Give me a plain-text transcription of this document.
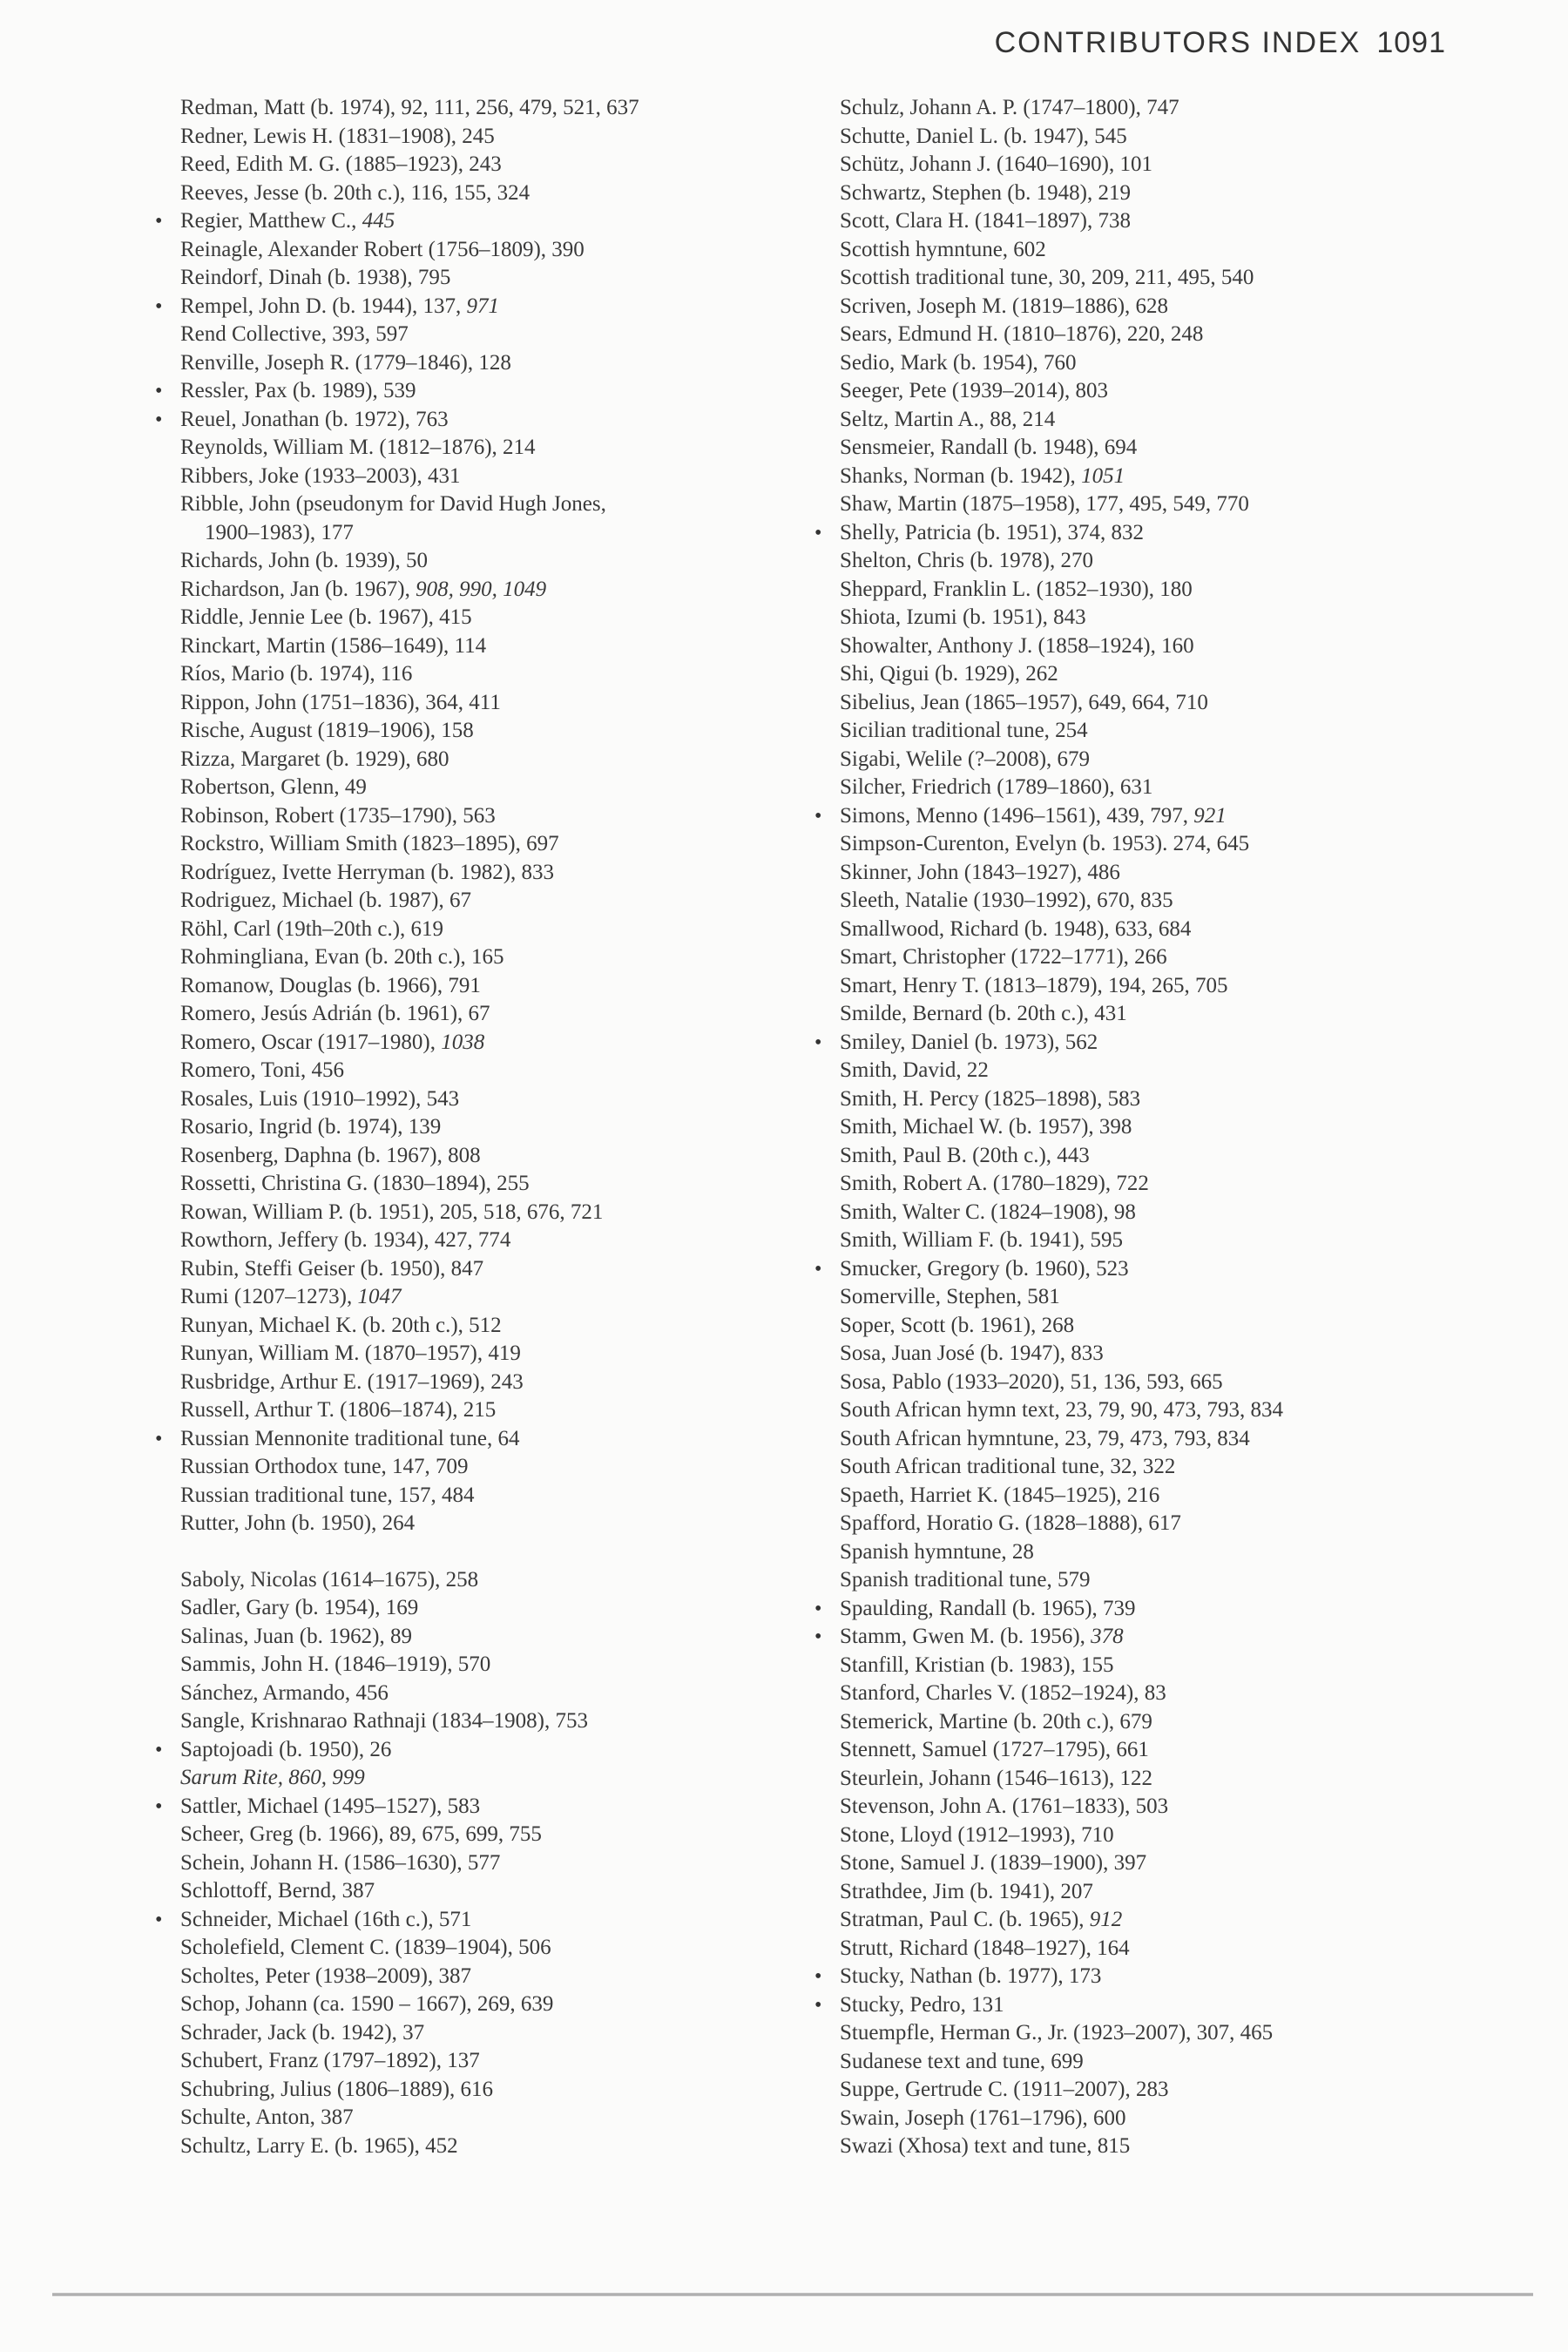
CONTRIBUTORS INDEX 1091
Redman, Matt (b. 1974), 92, 111, 256, 479, 521, 637
Redner, Lewis H. (1831–1908), 245
Reed, Edith M. G. (1885–1923), 243
Reeves, Jesse (b. 20th c.), 116, 155, 324
• Regier, Matthew C., 445
Reinagle, Alexander Robert (1756–1809), 390
Reindorf, Dinah (b. 1938), 795
• Rempel, John D. (b. 1944), 137, 971
Rend Collective, 393, 597
Renville, Joseph R. (1779–1846), 128
• Ressler, Pax (b. 1989), 539
• Reuel, Jonathan (b. 1972), 763
Reynolds, William M. (1812–1876), 214
Ribbers, Joke (1933–2003), 431
Ribble, John (pseudonym for David Hugh Jones,
1900–1983), 177
Richards, John (b. 1939), 50
Richardson, Jan (b. 1967), 908, 990, 1049
Riddle, Jennie Lee (b. 1967), 415
Rinckart, Martin (1586–1649), 114
Ríos, Mario (b. 1974), 116
Rippon, John (1751–1836), 364, 411
Rische, August (1819–1906), 158
Rizza, Margaret (b. 1929), 680
Robertson, Glenn, 49
Robinson, Robert (1735–1790), 563
Rockstro, William Smith (1823–1895), 697
Rodríguez, Ivette Herryman (b. 1982), 833
Rodriguez, Michael (b. 1987), 67
Röhl, Carl (19th–20th c.), 619
Rohmingliana, Evan (b. 20th c.), 165
Romanow, Douglas (b. 1966), 791
Romero, Jesús Adrián (b. 1961), 67
Romero, Oscar (1917–1980), 1038
Romero, Toni, 456
Rosales, Luis (1910–1992), 543
Rosario, Ingrid (b. 1974), 139
Rosenberg, Daphna (b. 1967), 808
Rossetti, Christina G. (1830–1894), 255
Rowan, William P. (b. 1951), 205, 518, 676, 721
Rowthorn, Jeffery (b. 1934), 427, 774
Rubin, Steffi Geiser (b. 1950), 847
Rumi (1207–1273), 1047
Runyan, Michael K. (b. 20th c.), 512
Runyan, William M. (1870–1957), 419
Rusbridge, Arthur E. (1917–1969), 243
Russell, Arthur T. (1806–1874), 215
• Russian Mennonite traditional tune, 64
Russian Orthodox tune, 147, 709
Russian traditional tune, 157, 484
Rutter, John (b. 1950), 264
Saboly, Nicolas (1614–1675), 258
Sadler, Gary (b. 1954), 169
Salinas, Juan (b. 1962), 89
Sammis, John H. (1846–1919), 570
Sánchez, Armando, 456
Sangle, Krishnarao Rathnaji (1834–1908), 753
• Saptojoadi (b. 1950), 26
Sarum Rite, 860, 999
• Sattler, Michael (1495–1527), 583
Scheer, Greg (b. 1966), 89, 675, 699, 755
Schein, Johann H. (1586–1630), 577
Schlottoff, Bernd, 387
• Schneider, Michael (16th c.), 571
Scholefield, Clement C. (1839–1904), 506
Scholtes, Peter (1938–2009), 387
Schop, Johann (ca. 1590 – 1667), 269, 639
Schrader, Jack (b. 1942), 37
Schubert, Franz (1797–1892), 137
Schubring, Julius (1806–1889), 616
Schulte, Anton, 387
Schultz, Larry E. (b. 1965), 452
Schulz, Johann A. P. (1747–1800), 747
Schutte, Daniel L. (b. 1947), 545
Schütz, Johann J. (1640–1690), 101
Schwartz, Stephen (b. 1948), 219
Scott, Clara H. (1841–1897), 738
Scottish hymntune, 602
Scottish traditional tune, 30, 209, 211, 495, 540
Scriven, Joseph M. (1819–1886), 628
Sears, Edmund H. (1810–1876), 220, 248
Sedio, Mark (b. 1954), 760
Seeger, Pete (1939–2014), 803
Seltz, Martin A., 88, 214
Sensmeier, Randall (b. 1948), 694
Shanks, Norman (b. 1942), 1051
Shaw, Martin (1875–1958), 177, 495, 549, 770
• Shelly, Patricia (b. 1951), 374, 832
Shelton, Chris (b. 1978), 270
Sheppard, Franklin L. (1852–1930), 180
Shiota, Izumi (b. 1951), 843
Showalter, Anthony J. (1858–1924), 160
Shi, Qigui (b. 1929), 262
Sibelius, Jean (1865–1957), 649, 664, 710
Sicilian traditional tune, 254
Sigabi, Welile (?–2008), 679
Silcher, Friedrich (1789–1860), 631
• Simons, Menno (1496–1561), 439, 797, 921
Simpson-Curenton, Evelyn (b. 1953). 274, 645
Skinner, John (1843–1927), 486
Sleeth, Natalie (1930–1992), 670, 835
Smallwood, Richard (b. 1948), 633, 684
Smart, Christopher (1722–1771), 266
Smart, Henry T. (1813–1879), 194, 265, 705
Smilde, Bernard (b. 20th c.), 431
• Smiley, Daniel (b. 1973), 562
Smith, David, 22
Smith, H. Percy (1825–1898), 583
Smith, Michael W. (b. 1957), 398
Smith, Paul B. (20th c.), 443
Smith, Robert A. (1780–1829), 722
Smith, Walter C. (1824–1908), 98
Smith, William F. (b. 1941), 595
• Smucker, Gregory (b. 1960), 523
Somerville, Stephen, 581
Soper, Scott (b. 1961), 268
Sosa, Juan José (b. 1947), 833
Sosa, Pablo (1933–2020), 51, 136, 593, 665
South African hymn text, 23, 79, 90, 473, 793, 834
South African hymntune, 23, 79, 473, 793, 834
South African traditional tune, 32, 322
Spaeth, Harriet K. (1845–1925), 216
Spafford, Horatio G. (1828–1888), 617
Spanish hymntune, 28
Spanish traditional tune, 579
• Spaulding, Randall (b. 1965), 739
• Stamm, Gwen M. (b. 1956), 378
Stanfill, Kristian (b. 1983), 155
Stanford, Charles V. (1852–1924), 83
Stemerick, Martine (b. 20th c.), 679
Stennett, Samuel (1727–1795), 661
Steurlein, Johann (1546–1613), 122
Stevenson, John A. (1761–1833), 503
Stone, Lloyd (1912–1993), 710
Stone, Samuel J. (1839–1900), 397
Strathdee, Jim (b. 1941), 207
Stratman, Paul C. (b. 1965), 912
Strutt, Richard (1848–1927), 164
• Stucky, Nathan (b. 1977), 173
• Stucky, Pedro, 131
Stuempfle, Herman G., Jr. (1923–2007), 307, 465
Sudanese text and tune, 699
Suppe, Gertrude C. (1911–2007), 283
Swain, Joseph (1761–1796), 600
Swazi (Xhosa) text and tune, 815
